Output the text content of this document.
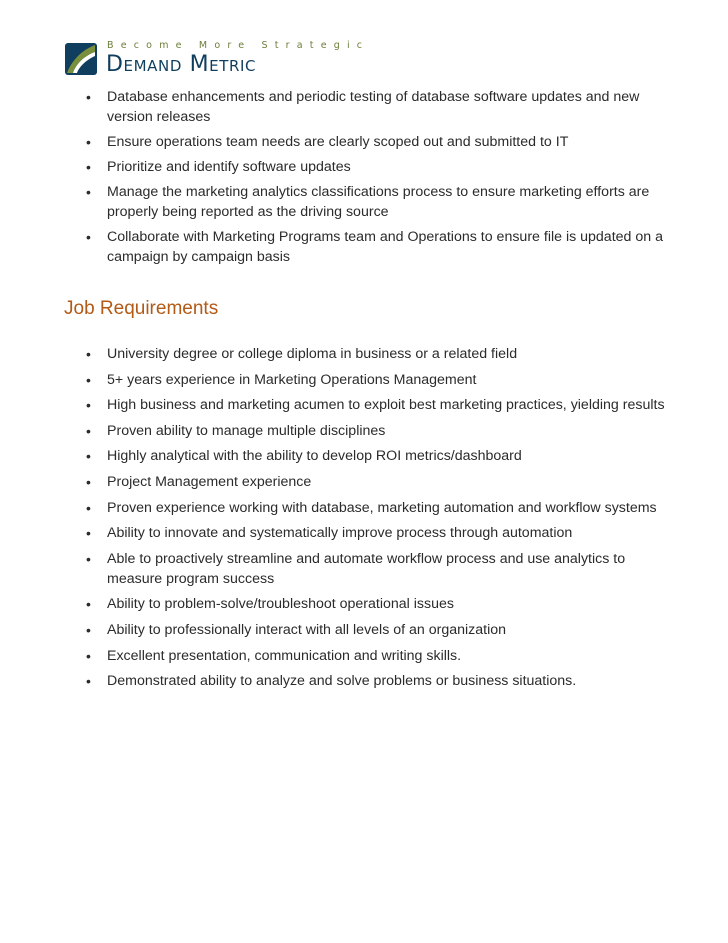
Become More Strategic
Demand Metric
• Database enhancements and periodic testing of database software updates and new version releases
• Ensure operations team needs are clearly scoped out and submitted to IT
• Prioritize and identify software updates
• Manage the marketing analytics classifications process to ensure marketing efforts are properly being reported as the driving source
• Collaborate with Marketing Programs team and Operations to ensure file is updated on a campaign by campaign basis
Job Requirements
• University degree or college diploma in business or a related field
• 5+ years experience in Marketing Operations Management
• High business and marketing acumen to exploit best marketing practices, yielding results
• Proven ability to manage multiple disciplines
• Highly analytical with the ability to develop ROI metrics/dashboard
• Project Management experience
• Proven experience working with database, marketing automation and workflow systems
• Ability to innovate and systematically improve process through automation
• Able to proactively streamline and automate workflow process and use analytics to measure program success
• Ability to problem-solve/troubleshoot operational issues
• Ability to professionally interact with all levels of an organization
• Excellent presentation, communication and writing skills.
• Demonstrated ability to analyze and solve problems or business situations.
